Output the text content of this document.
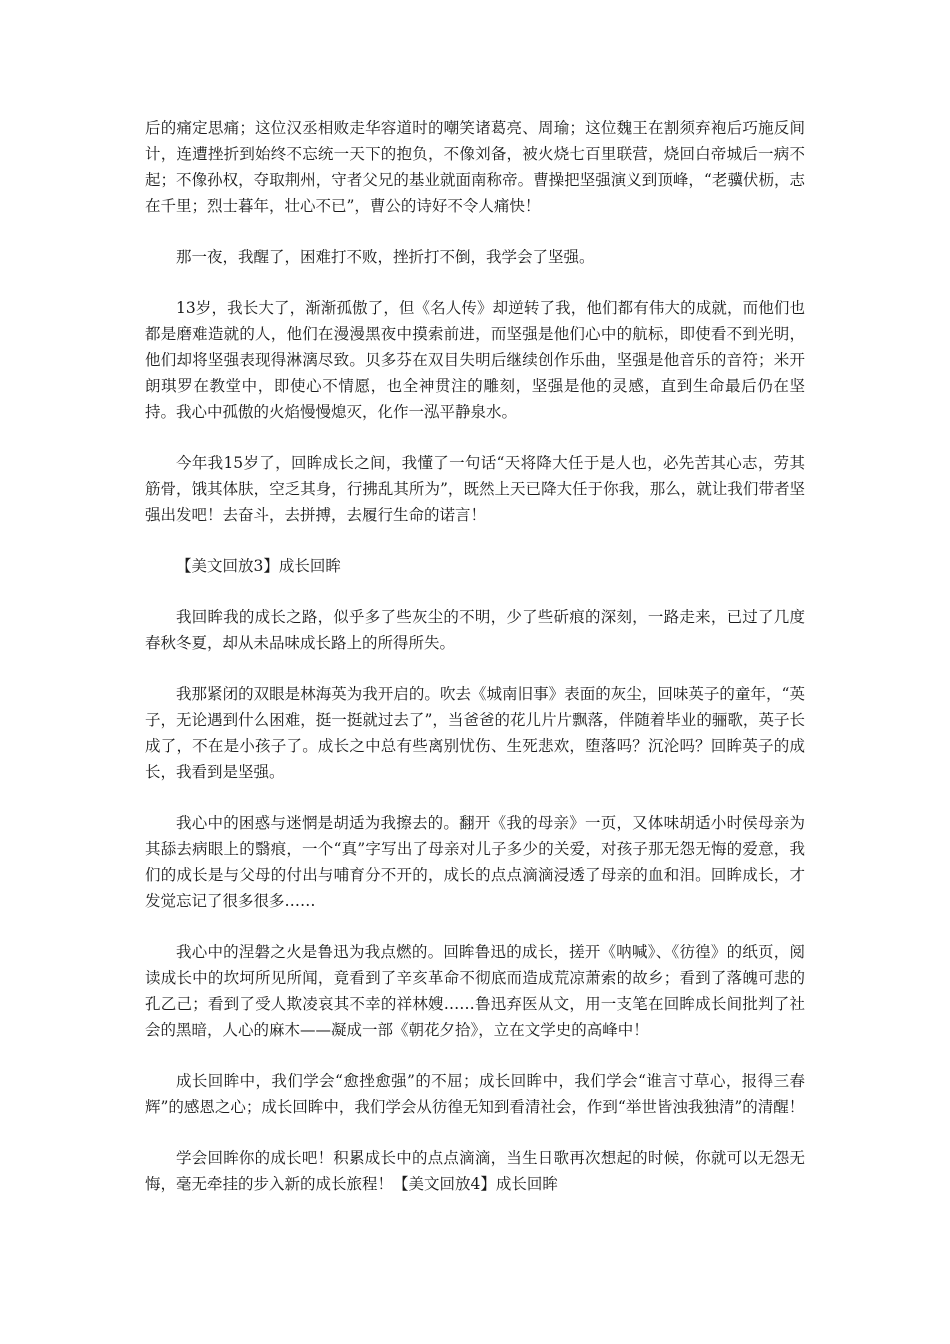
后的痛定思痛；这位汉丞相败走华容道时的嘲笑诸葛亮、周瑜；这位魏王在割须弃袍后巧施反间计，连遭挫折到始终不忘统一天下的抱负，不像刘备，被火烧七百里联营，烧回白帝城后一病不起；不像孙权，夺取荆州，守者父兄的基业就面南称帝。曹操把坚强演义到顶峰，“老骥伏枥，志在千里；烈士暮年，壮心不已”，曹公的诗好不令人痛快！

那一夜，我醒了，困难打不败，挫折打不倒，我学会了坚强。

13岁，我长大了，渐渐孤傲了，但《名人传》却逆转了我，他们都有伟大的成就，而他们也都是磨难造就的人，他们在漫漫黑夜中摸索前进，而坚强是他们心中的航标，即使看不到光明，他们却将坚强表现得淋漓尽致。贝多芬在双目失明后继续创作乐曲，坚强是他音乐的音符；米开朗琪罗在教堂中，即使心不情愿，也全神贯注的雕刻，坚强是他的灵感，直到生命最后仍在坚持。我心中孤傲的火焰慢慢熄灭，化作一泓平静泉水。

今年我15岁了，回眸成长之间，我懂了一句话“天将降大任于是人也，必先苦其心志，劳其筋骨，饿其体肤，空乏其身，行拂乱其所为”，既然上天已降大任于你我，那么，就让我们带者坚强出发吧！去奋斗，去拼搏，去履行生命的诺言！

【美文回放3】成长回眸

我回眸我的成长之路，似乎多了些灰尘的不明，少了些斫痕的深刻，一路走来，已过了几度春秋冬夏，却从未品味成长路上的所得所失。

我那紧闭的双眼是林海英为我开启的。吹去《城南旧事》表面的灰尘，回味英子的童年，“英子，无论遇到什么困难，挺一挺就过去了”，当爸爸的花儿片片飘落，伴随着毕业的骊歌，英子长成了，不在是小孩子了。成长之中总有些离别忧伤、生死悲欢，堕落吗？沉沦吗？回眸英子的成长，我看到是坚强。

我心中的困惑与迷惘是胡适为我擦去的。翻开《我的母亲》一页，又体味胡适小时侯母亲为其舔去病眼上的翳痕，一个“真”字写出了母亲对儿子多少的关爱，对孩子那无怨无悔的爱意，我们的成长是与父母的付出与哺育分不开的，成长的点点滴滴浸透了母亲的血和泪。回眸成长，才发觉忘记了很多很多……

我心中的涅磐之火是鲁迅为我点燃的。回眸鲁迅的成长，搓开《呐喊》、《彷徨》的纸页，阅读成长中的坎坷所见所闻，竟看到了辛亥革命不彻底而造成荒凉萧索的故乡；看到了落魄可悲的孔乙己；看到了受人欺凌哀其不幸的祥林嫂……鲁迅弃医从文，用一支笔在回眸成长间批判了社会的黑暗，人心的麻木——凝成一部《朝花夕拾》，立在文学史的高峰中！

成长回眸中，我们学会“愈挫愈强”的不屈；成长回眸中，我们学会“谁言寸草心，报得三春辉”的感恩之心；成长回眸中，我们学会从彷徨无知到看清社会，作到“举世皆浊我独清”的清醒！

学会回眸你的成长吧！积累成长中的点点滴滴，当生日歌再次想起的时候，你就可以无怨无悔，毫无牵挂的步入新的成长旅程！【美文回放4】成长回眸
